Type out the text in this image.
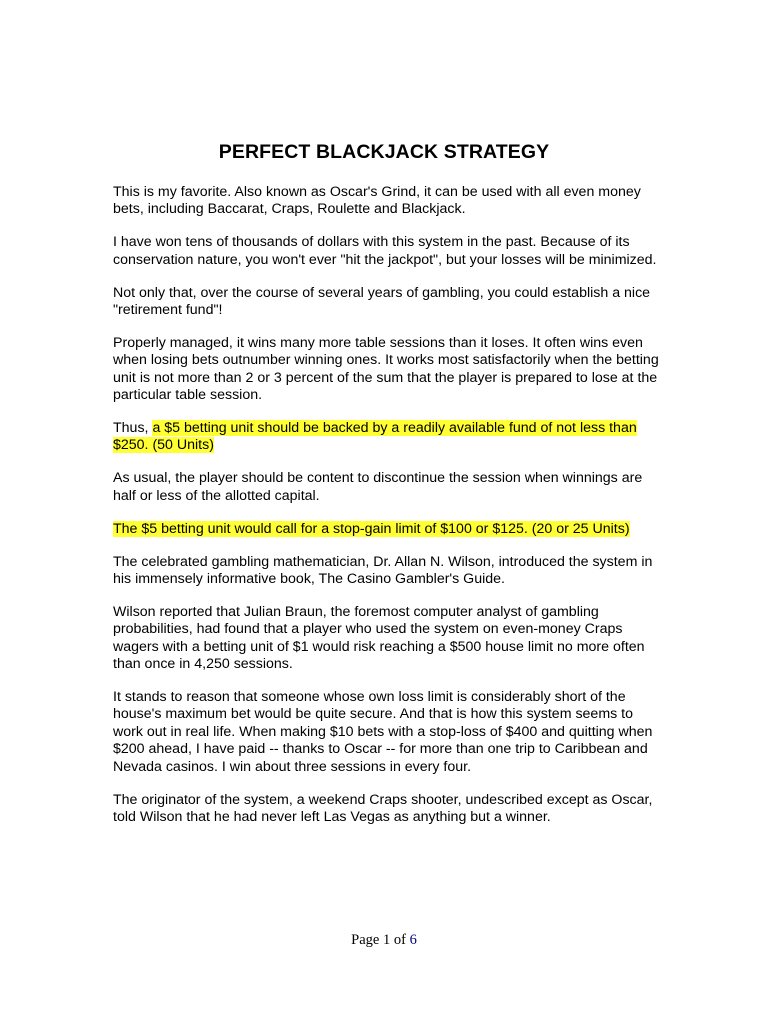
PERFECT BLACKJACK STRATEGY

This is my favorite. Also known as Oscar's Grind, it can be used with all even money bets, including Baccarat, Craps, Roulette and Blackjack.

I have won tens of thousands of dollars with this system in the past. Because of its conservation nature, you won't ever "hit the jackpot", but your losses will be minimized.

Not only that, over the course of several years of gambling, you could establish a nice "retirement fund"!

Properly managed, it wins many more table sessions than it loses. It often wins even when losing bets outnumber winning ones. It works most satisfactorily when the betting unit is not more than 2 or 3 percent of the sum that the player is prepared to lose at the particular table session.

Thus, a $5 betting unit should be backed by a readily available fund of not less than $250. (50 Units)

As usual, the player should be content to discontinue the session when winnings are half or less of the allotted capital.

The $5 betting unit would call for a stop-gain limit of $100 or $125. (20 or 25 Units)

The celebrated gambling mathematician, Dr. Allan N. Wilson, introduced the system in his immensely informative book, The Casino Gambler's Guide.

Wilson reported that Julian Braun, the foremost computer analyst of gambling probabilities, had found that a player who used the system on even-money Craps wagers with a betting unit of $1 would risk reaching a $500 house limit no more often than once in 4,250 sessions.

It stands to reason that someone whose own loss limit is considerably short of the house's maximum bet would be quite secure. And that is how this system seems to work out in real life. When making $10 bets with a stop-loss of $400 and quitting when $200 ahead, I have paid -- thanks to Oscar -- for more than one trip to Caribbean and Nevada casinos. I win about three sessions in every four.

The originator of the system, a weekend Craps shooter, undescribed except as Oscar, told Wilson that he had never left Las Vegas as anything but a winner.

Page 1 of 6
